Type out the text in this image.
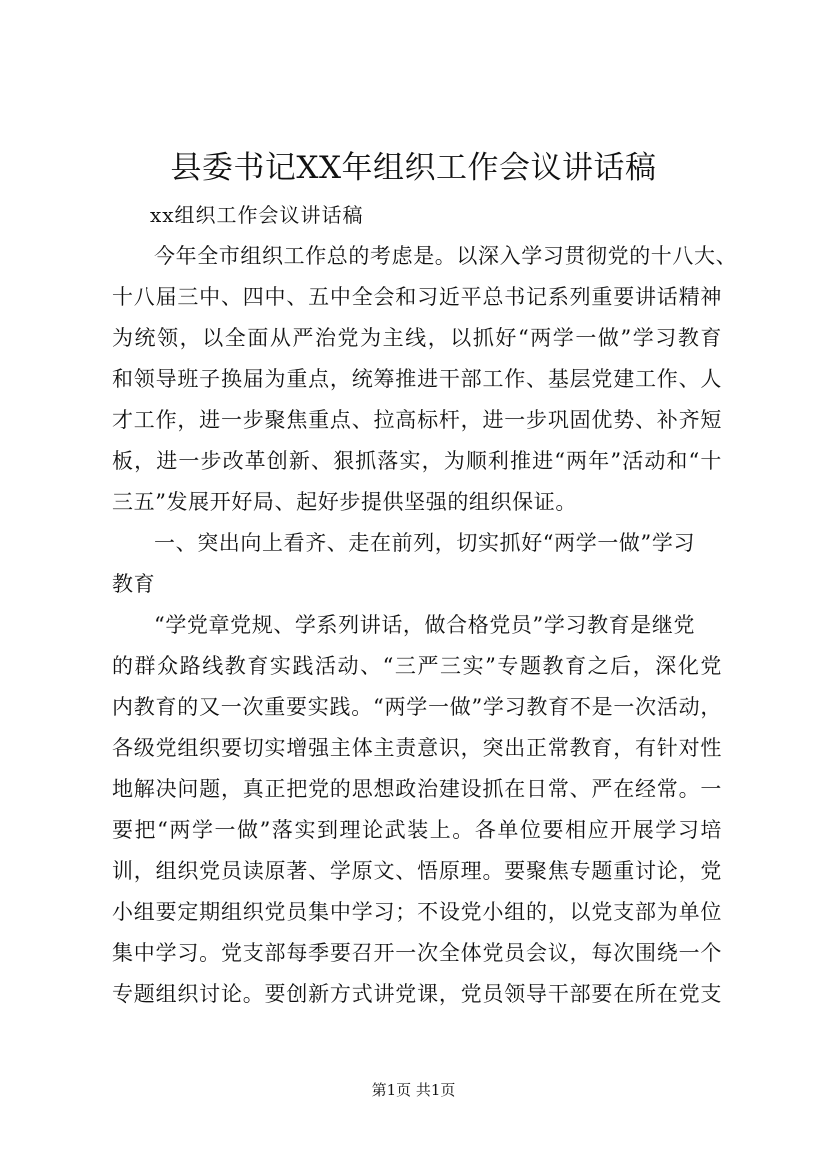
县委书记XX年组织工作会议讲话稿
xx组织工作会议讲话稿
今年全市组织工作总的考虑是。以深入学习贯彻党的十八大、
十八届三中、四中、五中全会和习近平总书记系列重要讲话精神
为统领，以全面从严治党为主线，以抓好“两学一做”学习教育
和领导班子换届为重点，统筹推进干部工作、基层党建工作、人
才工作，进一步聚焦重点、拉高标杆，进一步巩固优势、补齐短
板，进一步改革创新、狠抓落实，为顺利推进“两年”活动和“十
三五”发展开好局、起好步提供坚强的组织保证。
一、突出向上看齐、走在前列，切实抓好“两学一做”学习
教育
“学党章党规、学系列讲话，做合格党员”学习教育是继党
的群众路线教育实践活动、“三严三实”专题教育之后，深化党
内教育的又一次重要实践。“两学一做”学习教育不是一次活动，
各级党组织要切实增强主体主责意识，突出正常教育，有针对性
地解决问题，真正把党的思想政治建设抓在日常、严在经常。一
要把“两学一做”落实到理论武装上。各单位要相应开展学习培
训，组织党员读原著、学原文、悟原理。要聚焦专题重讨论，党
小组要定期组织党员集中学习；不设党小组的，以党支部为单位
集中学习。党支部每季要召开一次全体党员会议，每次围绕一个
专题组织讨论。要创新方式讲党课，党员领导干部要在所在党支
第1页 共1页
